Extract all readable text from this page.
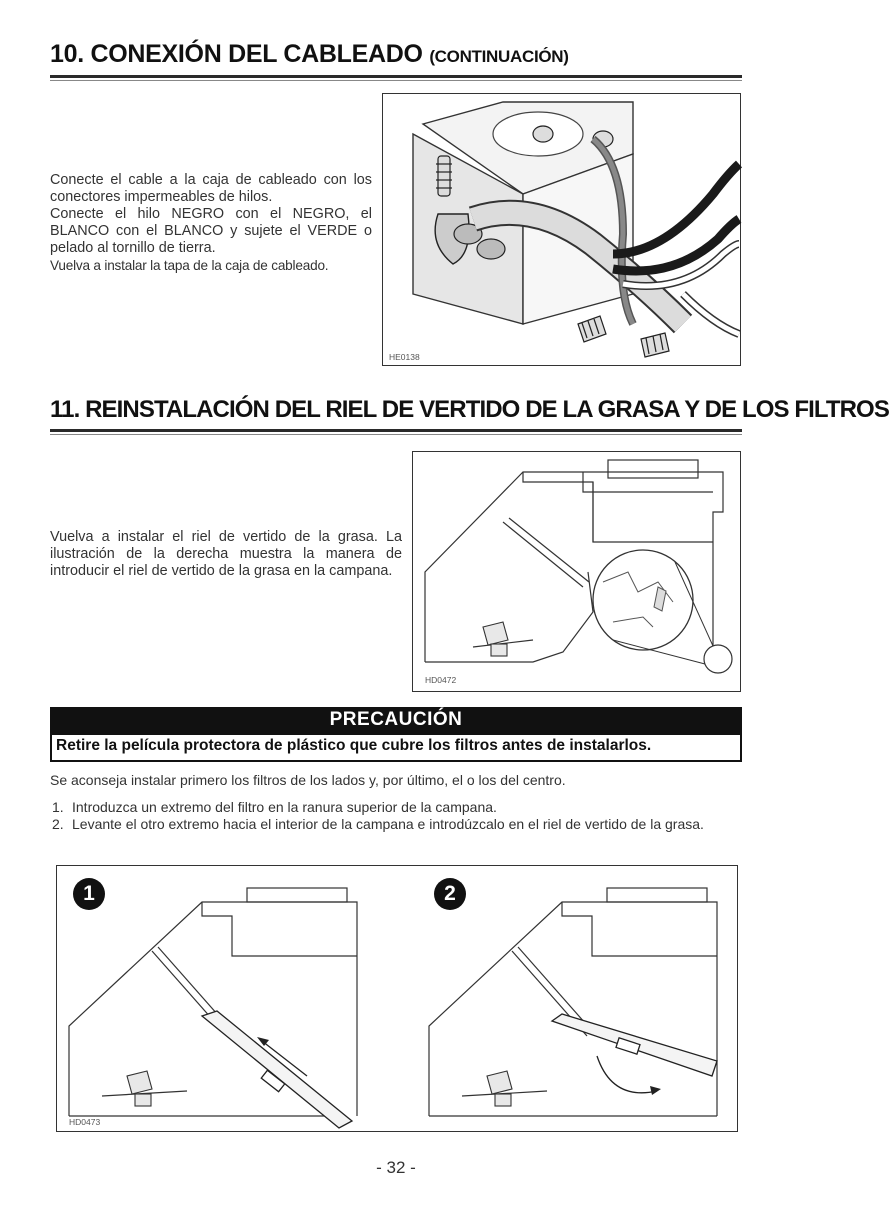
10. CONEXIÓN DEL CABLEADO (CONTINUACIÓN)
Conecte el cable a la caja de cableado con los conectores impermeables de hilos.
Conecte el hilo NEGRO con el NEGRO, el BLANCO con el BLANCO y sujete el VERDE o pelado al tornillo de tierra.
Vuelva a instalar la tapa de la caja de cableado.
HE0138
11. REINSTALACIÓN DEL RIEL DE VERTIDO DE LA GRASA Y DE LOS FILTROS
Vuelva a instalar el riel de vertido de la grasa. La ilustración de la derecha muestra la manera de introducir el riel de vertido de la grasa en la campana.
HD0472
PRECAUCIÓN
Retire la película protectora de plástico que cubre los filtros antes de instalarlos.
Se aconseja instalar primero los filtros de los lados y, por último, el o los del centro.
1. Introduzca un extremo del filtro en la ranura superior de la campana.
2. Levante el otro extremo hacia el interior de la campana e introdúzcalo en el riel de vertido de la grasa.
1	2
HD0473
- 32 -
